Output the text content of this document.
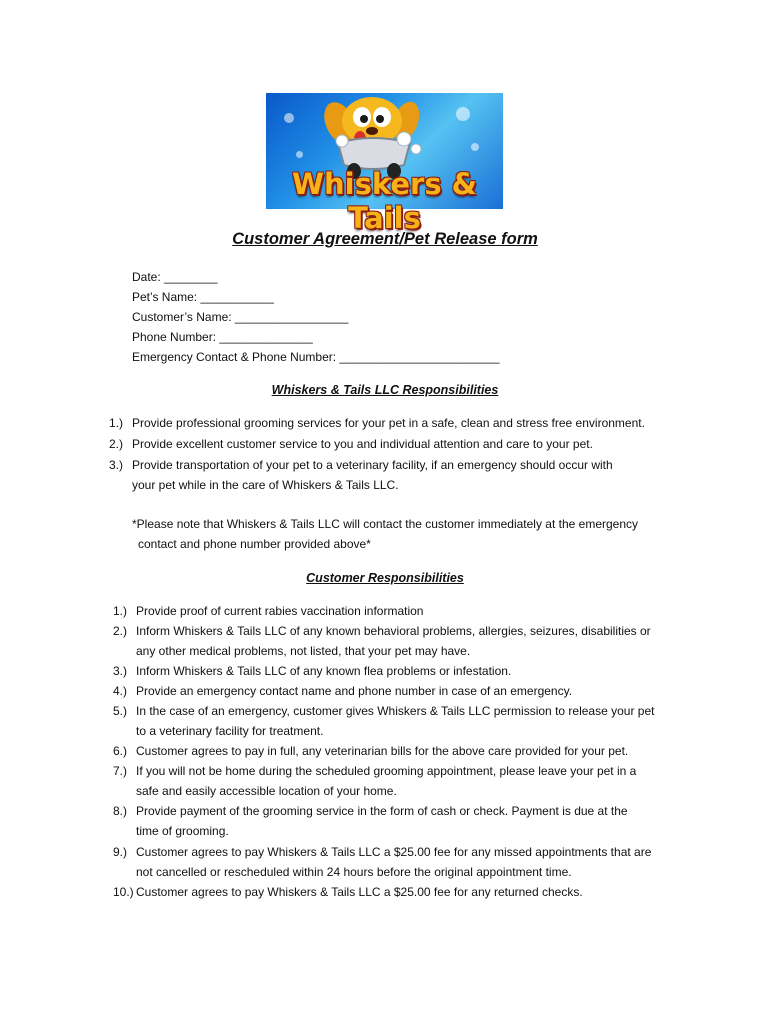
Whiskers & Tails
Customer Agreement/Pet Release form
Date: ________
Pet’s Name: ___________
Customer’s Name: _________________
Phone Number: ______________
Emergency Contact & Phone Number: ________________________
Whiskers & Tails LLC Responsibilities
1.) Provide professional grooming services for your pet in a safe, clean and stress free environment.
2.) Provide excellent customer service to you and individual attention and care to your pet.
3.) Provide transportation of your pet to a veterinary facility, if an emergency should occur with
your pet while in the care of Whiskers & Tails LLC.
*Please note that Whiskers & Tails LLC will contact the customer immediately at the emergency
contact and phone number provided above*
Customer Responsibilities
1.) Provide proof of current rabies vaccination information
2.) Inform Whiskers & Tails LLC of any known behavioral problems, allergies, seizures, disabilities or
any other medical problems, not listed, that your pet may have.
3.) Inform Whiskers & Tails LLC of any known flea problems or infestation.
4.) Provide an emergency contact name and phone number in case of an emergency.
5.) In the case of an emergency, customer gives Whiskers & Tails LLC permission to release your pet
to a veterinary facility for treatment.
6.) Customer agrees to pay in full, any veterinarian bills for the above care provided for your pet.
7.) If you will not be home during the scheduled grooming appointment, please leave your pet in a
safe and easily accessible location of your home.
8.) Provide payment of the grooming service in the form of cash or check. Payment is due at the
time of grooming.
9.) Customer agrees to pay Whiskers & Tails LLC a $25.00 fee for any missed appointments that are
not cancelled or rescheduled within 24 hours before the original appointment time.
10.) Customer agrees to pay Whiskers & Tails LLC a $25.00 fee for any returned checks.
